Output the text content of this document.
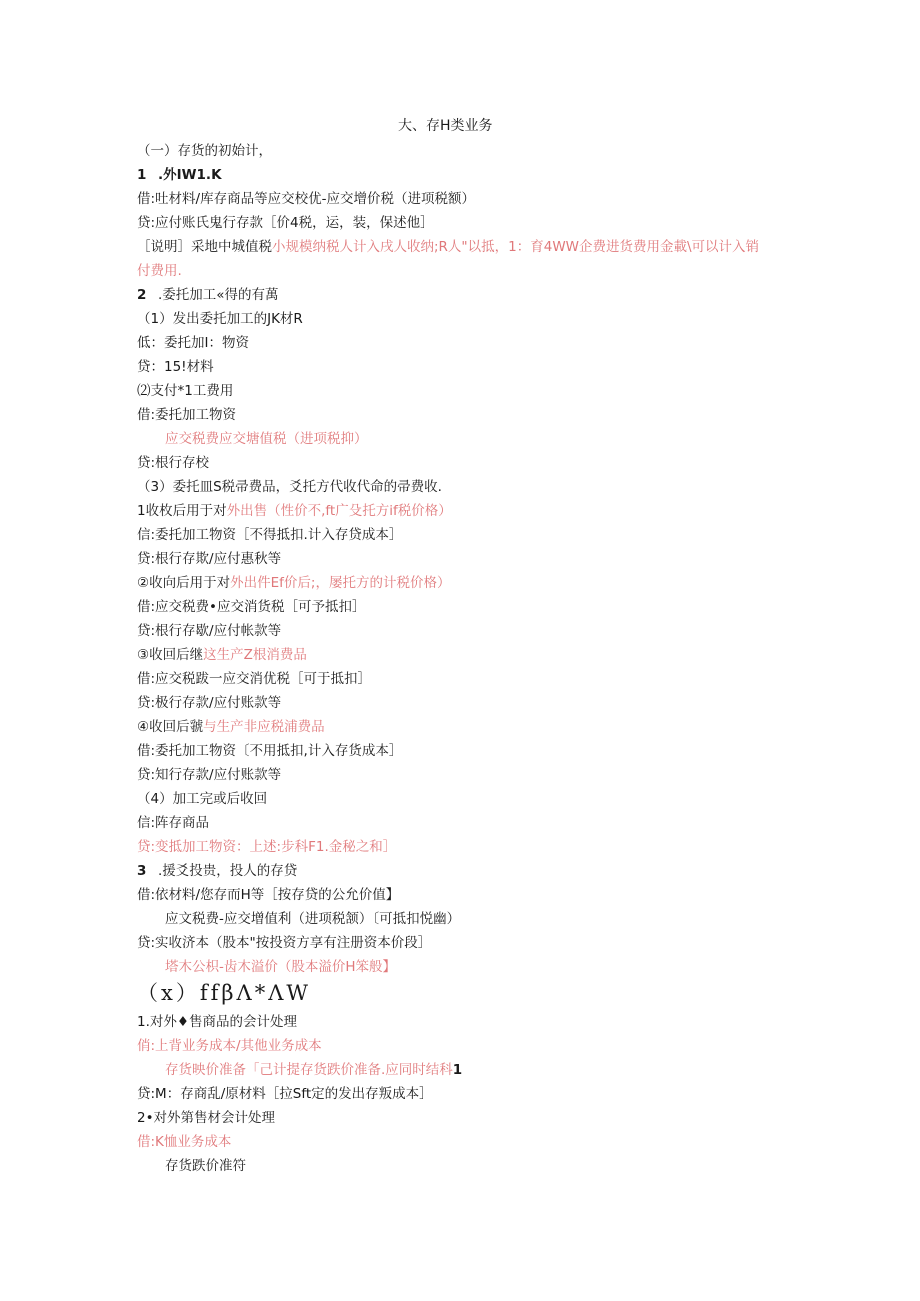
大、存H类业务
（一）存货的初始计，
1 .外IW1.K
借:吐材料/库存商品等应交校优-应交增价税（进项税额）
贷:应付账氏鬼行存款［价4税，运，装，保述他］
［说明］采地中城值税小规模纳税人计入戌人收纳;R人"以抵，1：育4WW企费进货费用金載\可以计入销
付费用.
2 .委托加工«得的有萬
（1）发出委托加工的JK材R
低：委托加I：物资
贷：15!材料
⑵支付*1工费用
借:委托加工物资
应交税费应交塘值税（进项税抑）
贷:根行存校
（3）委托皿S税帚费品，爻托方代收代命的帚费收.
1收枚后用于对外出售（性价不,ft广殳托方if税价格）
信:委托加工物资［不得抵扣.计入存贷成本］
贷:根行存欺/应付惠秋等
②收向后用于对外出件Ef价后;，屡托方的计税价格）
借:应交税费•应交消货税［可予抵扣］
贷:根行存歇/应付帐款等
③收回后继这生产Z根消费品
借:应交税跋一应交消优税［可于抵扣］
贷:极行存款/应付账款等
④收回后虢与生产非应税浦费品
借:委托加工物资〔不用抵扣,计入存货成本］
贷:知行存款/应付账款等
（4）加工完或后收回
信:阵存商品
贷:变抵加工物资：上述:步科F1.金秘之和］
3 .援爻投贵，投人的存贷
借:依材料/您存而H等［按存贷的公允价值】
应文税费-应交增值利（进项税颔）〔可抵扣悦幽）
贷:实收济本（股本"按投资方享有注册资本价段］
塔木公枳-齿木溢价（股本溢价H笨般】
（x）ffβΛ*ΛW
1.对外♦售商品的会计处理
俏:上背业务成本/其他业务成本
存货映价准备「己计提存货跌价准备.应同时结科1
贷:M：存商乱/原材料［拉Sft定的发出存叛成本］
2•对外第售材会计处理
借:K恤业务成本
存货跌价准符
